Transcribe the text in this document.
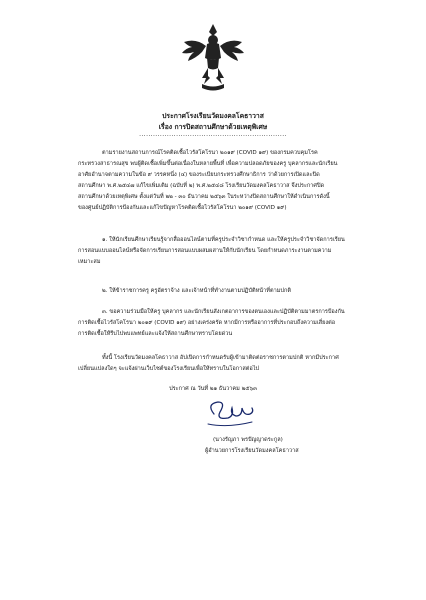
ประกาศโรงเรียนวัดมงคลโคธาวาส
เรื่อง การปิดสถานศึกษาด้วยเหตุพิเศษ
................................................................
ตามรายงานสถานการณ์โรคติดเชื้อไวรัสโคโรนา ๒๐๑๙ (COVID ๑๙) ของกรมควบคุมโรค
กระทรวงสาธารณสุข พบผู้ติดเชื้อเพิ่มขึ้นต่อเนื่องในหลายพื้นที่ เพื่อความปลอดภัยของครู บุคลากรและนักเรียน
อาศัยอำนาจตามความในข้อ ๙ วรรคหนึ่ง (๔) ของระเบียบกระทรวงศึกษาธิการ ว่าด้วยการเปิดและปิด
สถานศึกษา พ.ศ.๒๕๔๗ แก้ไขเพิ่มเติม (ฉบับที่ ๒) พ.ศ.๒๕๔๘ โรงเรียนวัดมงคลโคธาวาส จึงประกาศปิด
สถานศึกษาด้วยเหตุพิเศษ ตั้งแต่วันที่ ๒๒ - ๓๐ ธันวาคม ๒๕๖๓ ในระหว่างปิดสถานศึกษาให้ดำเนินการดังนี้
ของศูนย์ปฏิบัติการป้องกันและแก้ไขปัญหาโรคติดเชื้อไวรัสโคโรนา ๒๐๑๙ (COVID ๑๙)
๑. ให้นักเรียนศึกษาเรียนรู้จากสื่อออนไลน์ตามที่ครูประจำวิชากำหนด และให้ครูประจำวิชาจัดการเรียน
การสอนแบบออนไลน์หรือจัดการเรียนการสอนแบบผสมผสานให้กับนักเรียน โดยกำหนดภาระงานตามความ
เหมาะสม
๒. ให้ข้าราชการครู ครูอัตราจ้าง และเจ้าหน้าที่ทำงานตามปฏิบัติหน้าที่ตามปกติ
๓. ขอความร่วมมือให้ครู บุคลากร และนักเรียนสังเกตอาการของตนเองและปฏิบัติตามมาตรการป้องกัน
การติดเชื้อไวรัสโคโรนา ๒๐๑๙ (COVID ๑๙) อย่างเคร่งครัด หากมีการหรืออาการที่ประกอบถึงความเสี่ยงต่อ
การติดเชื้อให้รีบไปพบแพทย์และแจ้งให้สถานศึกษาทราบโดยด่วน
ทั้งนี้ โรงเรียนวัดมงคลโคธาวาส อัปเปิดการกำหนดรับผู้เข้ามาติดต่อราชการตามปกติ หากมีประกาศ
เปลี่ยนแปลงใดๆ จะแจ้งผ่านเว็บไซต์ของโรงเรียนเพื่อให้ทราบในโอกาสต่อไป
ประกาศ ณ วันที่ ๒๑ ธันวาคม ๒๕๖๓
(นางรัญภา พรปัญญาดระกูล)
ผู้อำนวยการโรงเรียนวัดมงคลโคธาวาส
